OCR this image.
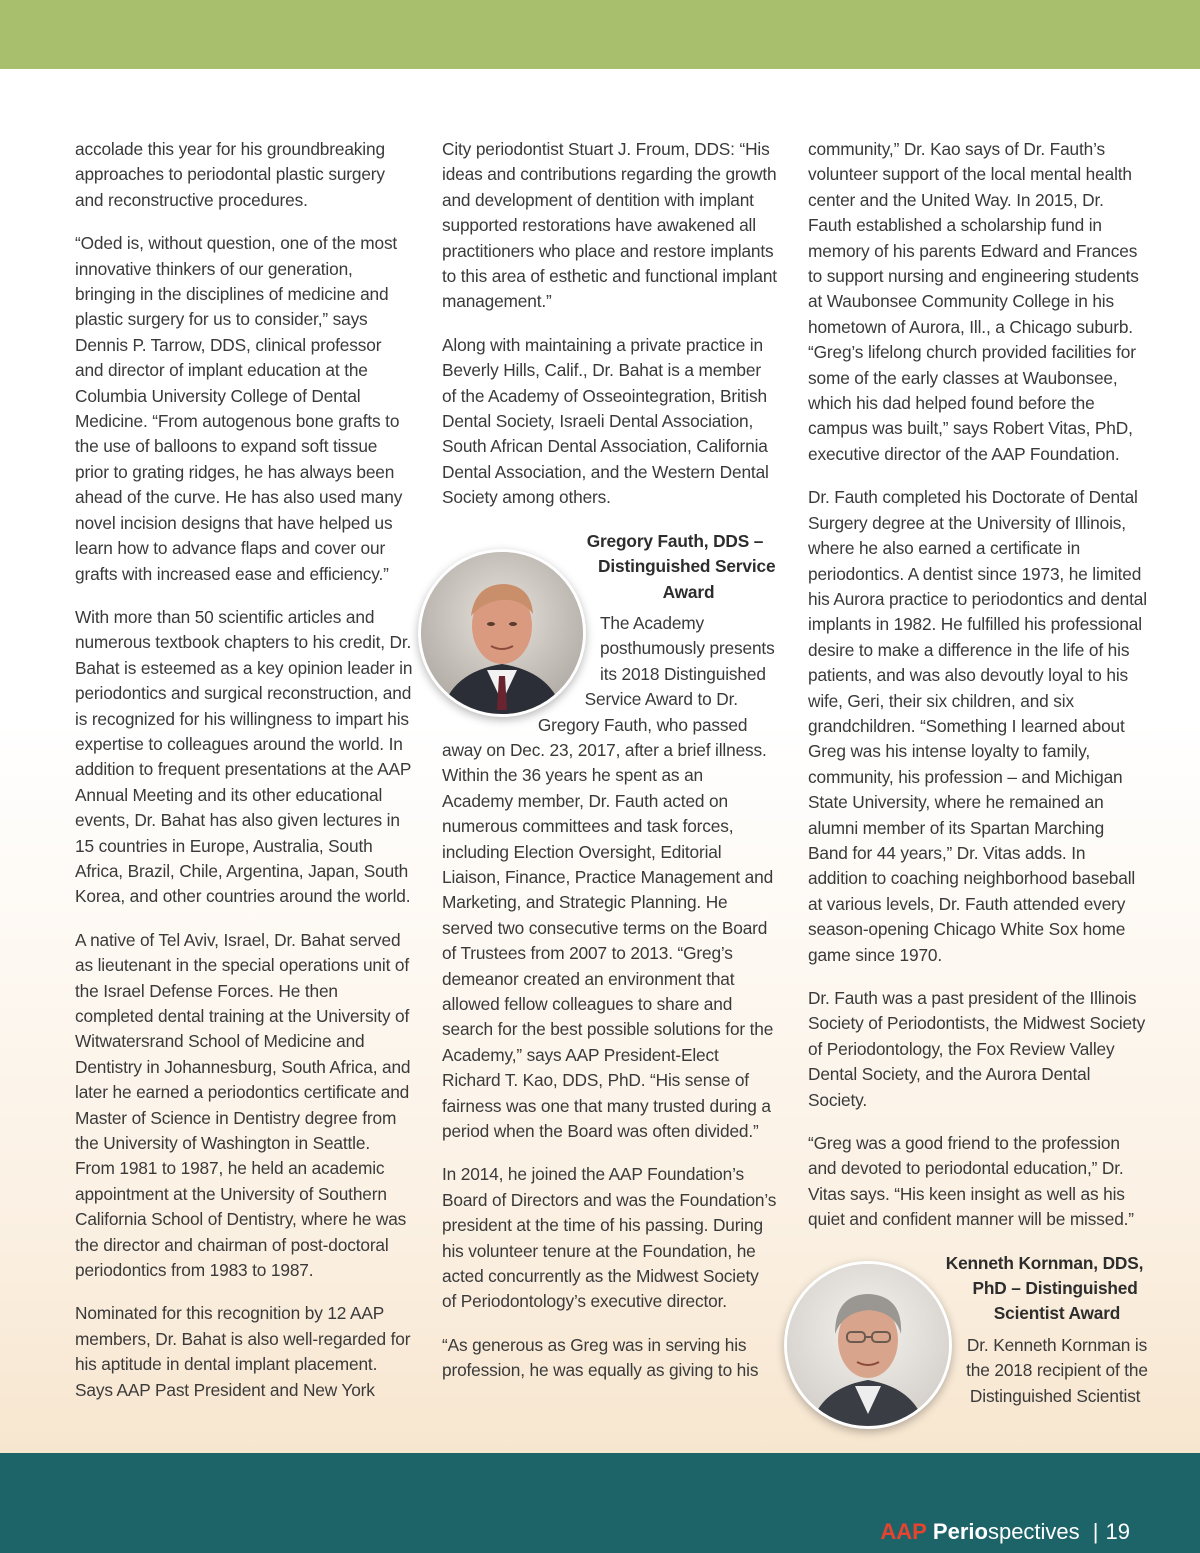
accolade this year for his groundbreaking approaches to periodontal plastic surgery and reconstructive procedures.

“Oded is, without question, one of the most innovative thinkers of our generation, bringing in the disciplines of medicine and plastic surgery for us to consider,” says Dennis P. Tarrow, DDS, clinical professor and director of implant education at the Columbia University College of Dental Medicine. “From autogenous bone grafts to the use of balloons to expand soft tissue prior to grating ridges, he has always been ahead of the curve. He has also used many novel incision designs that have helped us learn how to advance flaps and cover our grafts with increased ease and efficiency.”

With more than 50 scientific articles and numerous textbook chapters to his credit, Dr. Bahat is esteemed as a key opinion leader in periodontics and surgical reconstruction, and is recognized for his willingness to impart his expertise to colleagues around the world. In addition to frequent presentations at the AAP Annual Meeting and its other educational events, Dr. Bahat has also given lectures in 15 countries in Europe, Australia, South Africa, Brazil, Chile, Argentina, Japan, South Korea, and other countries around the world.

A native of Tel Aviv, Israel, Dr. Bahat served as lieutenant in the special operations unit of the Israel Defense Forces. He then completed dental training at the University of Witwatersrand School of Medicine and Dentistry in Johannesburg, South Africa, and later he earned a periodontics certificate and Master of Science in Dentistry degree from the University of Washington in Seattle. From 1981 to 1987, he held an academic appointment at the University of Southern California School of Dentistry, where he was the director and chairman of post-doctoral periodontics from 1983 to 1987.

Nominated for this recognition by 12 AAP members, Dr. Bahat is also well-regarded for his aptitude in dental implant placement. Says AAP Past President and New York

City periodontist Stuart J. Froum, DDS: “His ideas and contributions regarding the growth and development of dentition with implant supported restorations have awakened all practitioners who place and restore implants to this area of esthetic and functional implant management.”

Along with maintaining a private practice in Beverly Hills, Calif., Dr. Bahat is a member of the Academy of Osseointegration, British Dental Society, Israeli Dental Association, South African Dental Association, California Dental Association, and the Western Dental Society among others.

Gregory Fauth, DDS – Distinguished Service Award

The Academy posthumously presents its 2018 Distinguished Service Award to Dr. Gregory Fauth, who passed away on Dec. 23, 2017, after a brief illness. Within the 36 years he spent as an Academy member, Dr. Fauth acted on numerous committees and task forces, including Election Oversight, Editorial Liaison, Finance, Practice Management and Marketing, and Strategic Planning. He served two consecutive terms on the Board of Trustees from 2007 to 2013. “Greg’s demeanor created an environment that allowed fellow colleagues to share and search for the best possible solutions for the Academy,” says AAP President-Elect Richard T. Kao, DDS, PhD. “His sense of fairness was one that many trusted during a period when the Board was often divided.”

In 2014, he joined the AAP Foundation’s Board of Directors and was the Foundation’s president at the time of his passing. During his volunteer tenure at the Foundation, he acted concurrently as the Midwest Society of Periodontology’s executive director.

“As generous as Greg was in serving his profession, he was equally as giving to his

community,” Dr. Kao says of Dr. Fauth’s volunteer support of the local mental health center and the United Way. In 2015, Dr. Fauth established a scholarship fund in memory of his parents Edward and Frances to support nursing and engineering students at Waubonsee Community College in his hometown of Aurora, Ill., a Chicago suburb. “Greg’s lifelong church provided facilities for some of the early classes at Waubonsee, which his dad helped found before the campus was built,” says Robert Vitas, PhD, executive director of the AAP Foundation.

Dr. Fauth completed his Doctorate of Dental Surgery degree at the University of Illinois, where he also earned a certificate in periodontics. A dentist since 1973, he limited his Aurora practice to periodontics and dental implants in 1982. He fulfilled his professional desire to make a difference in the life of his patients, and was also devoutly loyal to his wife, Geri, their six children, and six grandchildren. “Something I learned about Greg was his intense loyalty to family, community, his profession – and Michigan State University, where he remained an alumni member of its Spartan Marching Band for 44 years,” Dr. Vitas adds. In addition to coaching neighborhood baseball at various levels, Dr. Fauth attended every season-opening Chicago White Sox home game since 1970.

Dr. Fauth was a past president of the Illinois Society of Periodontists, the Midwest Society of Periodontology, the Fox Review Valley Dental Society, and the Aurora Dental Society.

“Greg was a good friend to the profession and devoted to periodontal education,” Dr. Vitas says. “His keen insight as well as his quiet and confident manner will be missed.”

Kenneth Kornman, DDS, PhD – Distinguished Scientist Award

Dr. Kenneth Kornman is the 2018 recipient of the Distinguished Scientist

AAP Periospectives | 19
